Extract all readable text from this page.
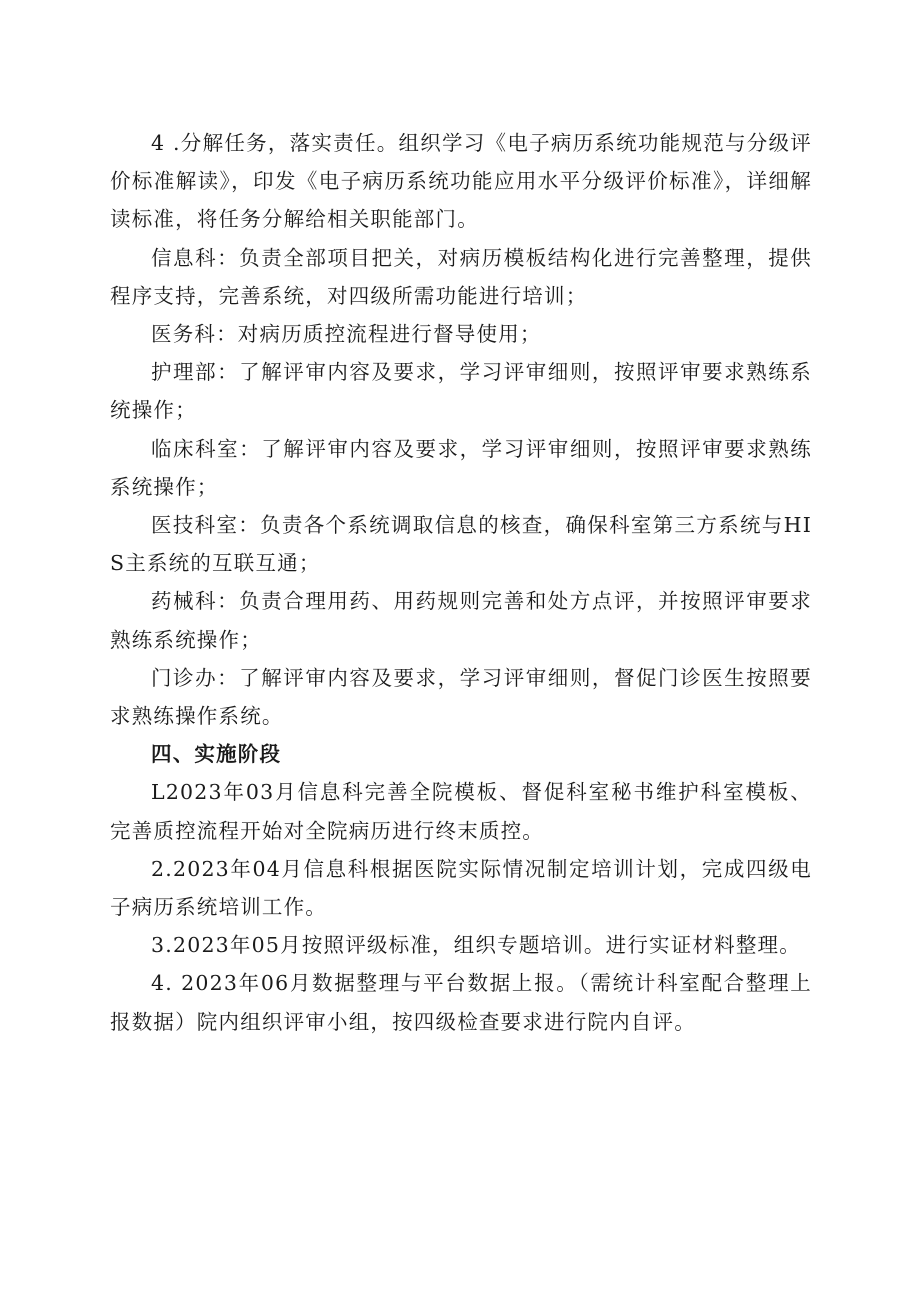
4 .分解任务，落实责任。组织学习《电子病历系统功能规范与分级评价标准解读》，印发《电子病历系统功能应用水平分级评价标准》，详细解读标准，将任务分解给相关职能部门。

信息科：负责全部项目把关，对病历模板结构化进行完善整理，提供程序支持，完善系统，对四级所需功能进行培训；

医务科：对病历质控流程进行督导使用；

护理部：了解评审内容及要求，学习评审细则，按照评审要求熟练系统操作；

临床科室：了解评审内容及要求，学习评审细则，按照评审要求熟练系统操作；

医技科室：负责各个系统调取信息的核查，确保科室第三方系统与HIS主系统的互联互通；

药械科：负责合理用药、用药规则完善和处方点评，并按照评审要求熟练系统操作；

门诊办：了解评审内容及要求，学习评审细则，督促门诊医生按照要求熟练操作系统。

四、实施阶段

L2023年03月信息科完善全院模板、督促科室秘书维护科室模板、完善质控流程开始对全院病历进行终末质控。

2.2023年04月信息科根据医院实际情况制定培训计划，完成四级电子病历系统培训工作。

3.2023年05月按照评级标准，组织专题培训。进行实证材料整理。

4. 2023年06月数据整理与平台数据上报。（需统计科室配合整理上报数据）院内组织评审小组，按四级检查要求进行院内自评。
